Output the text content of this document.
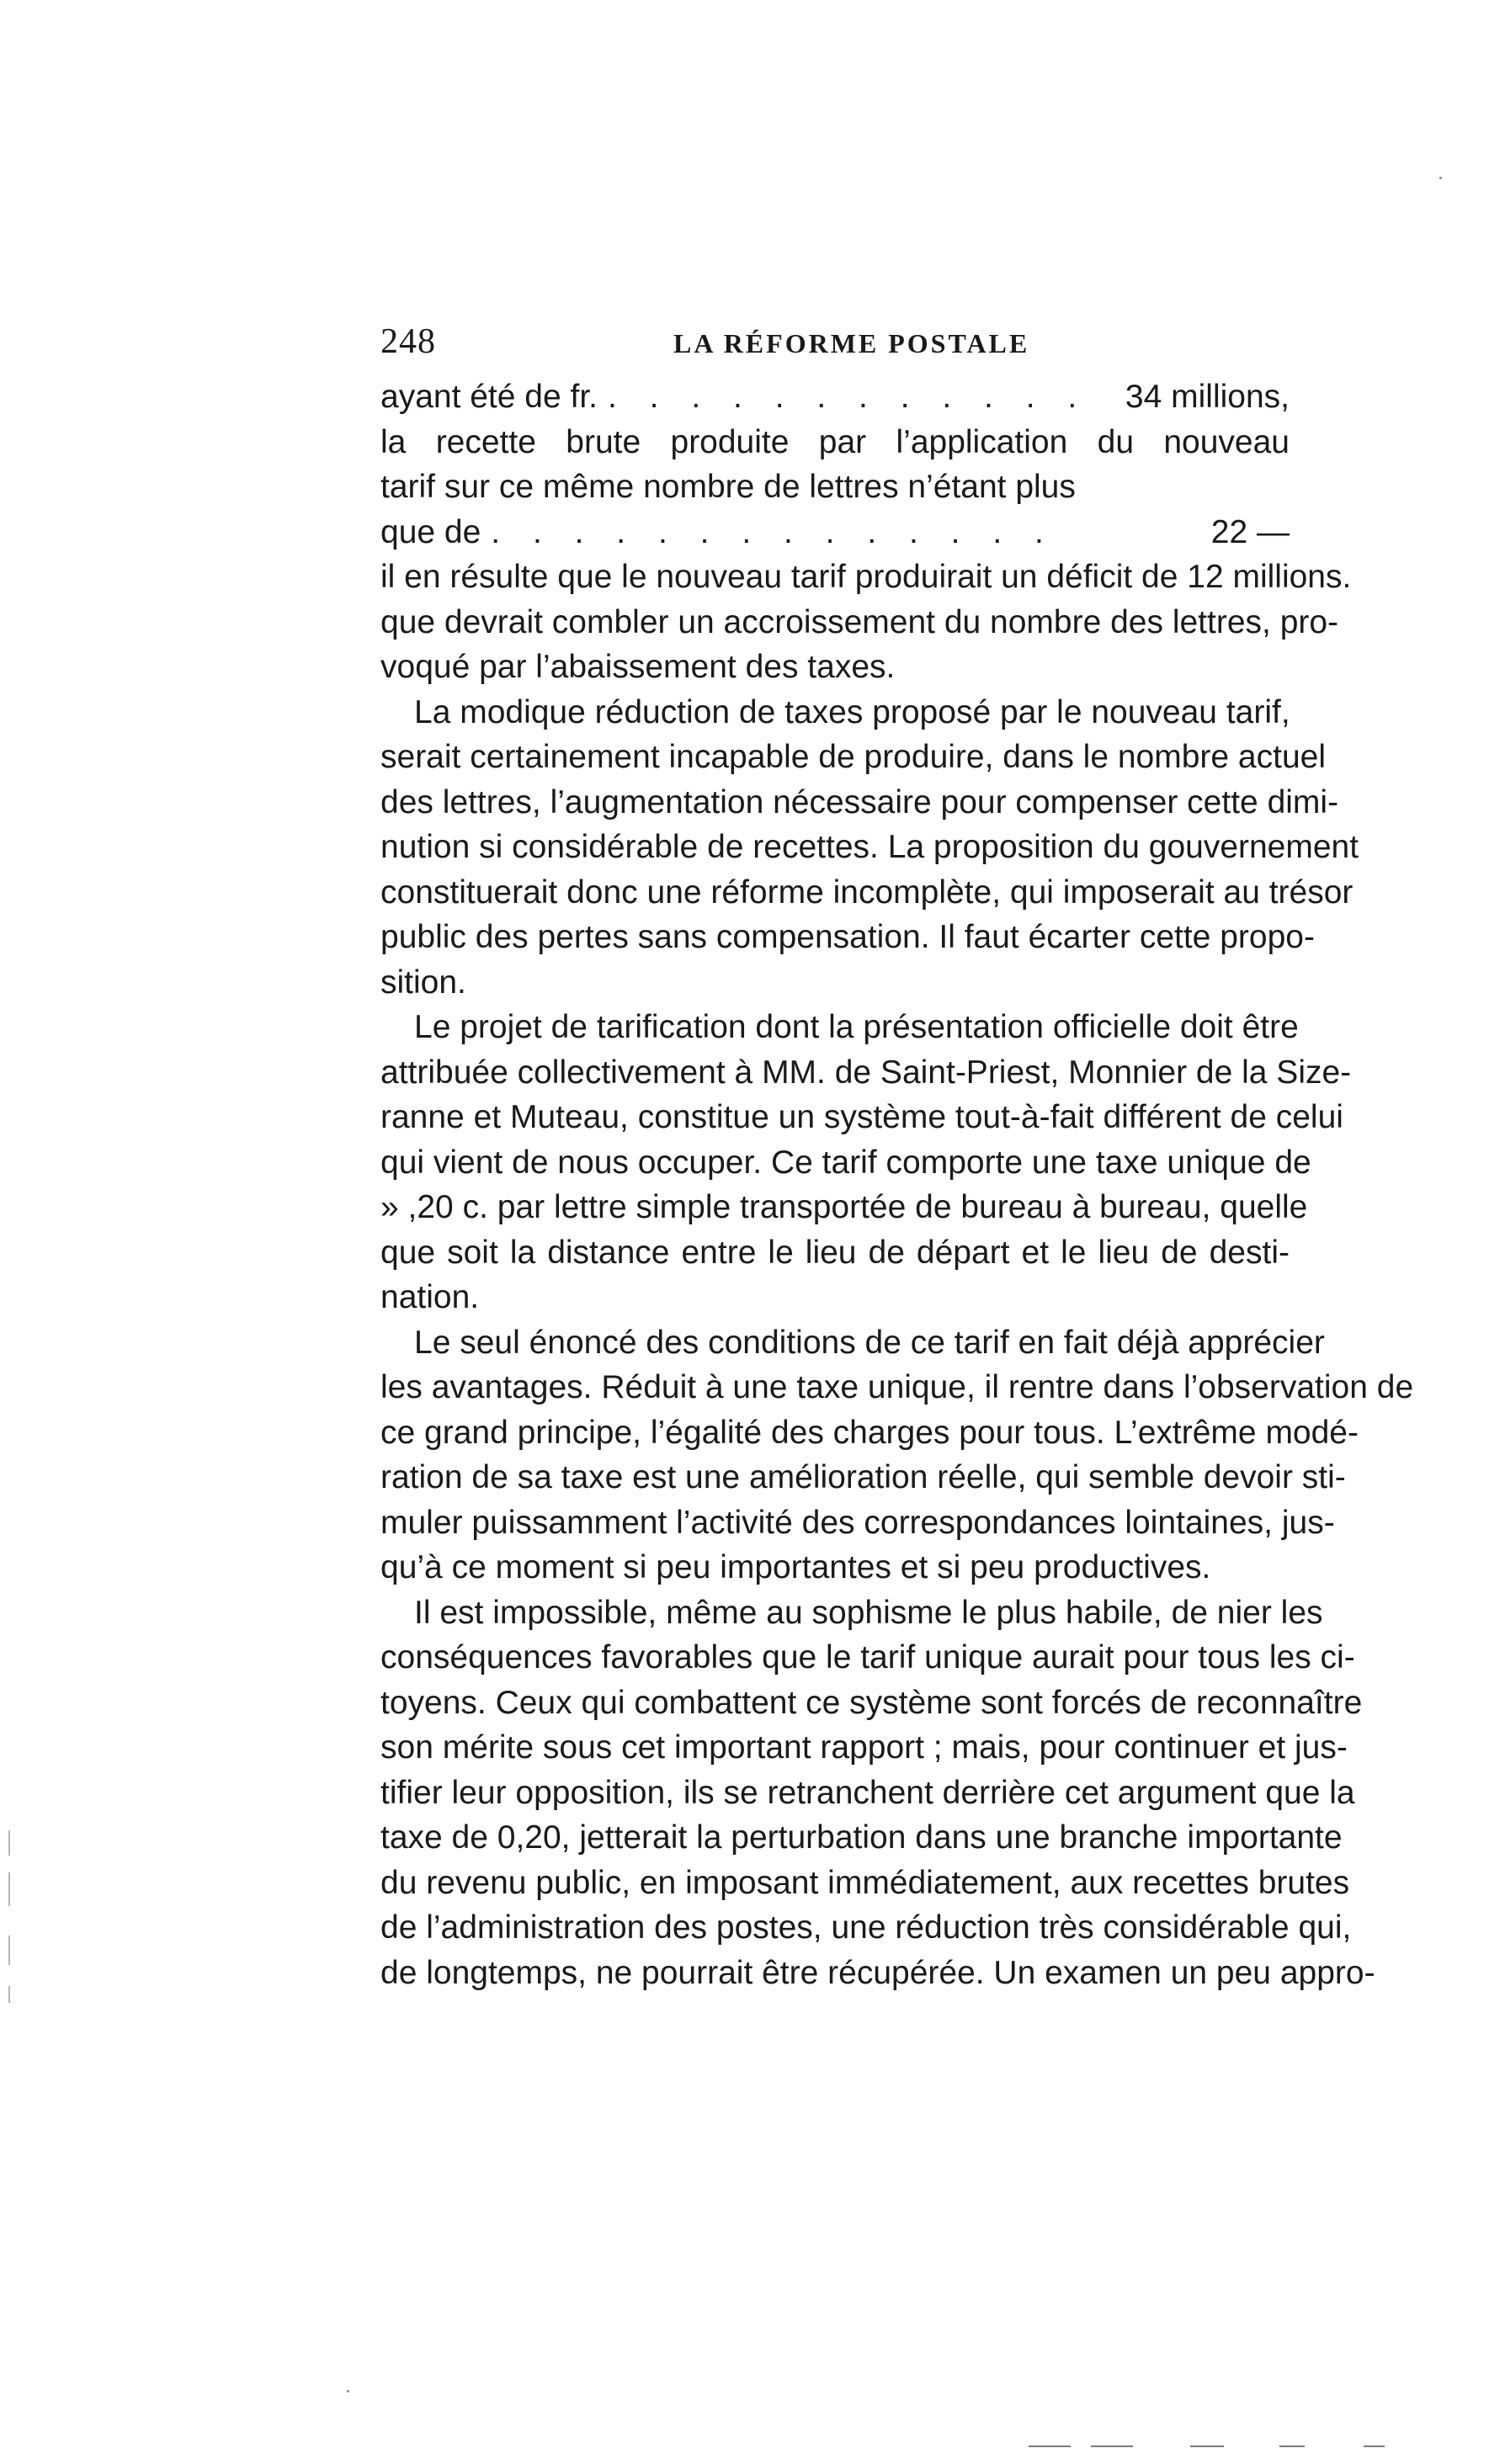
248	LA RÉFORME POSTALE
ayant été de fr. . . . . . . . . . . . .	34 millions,
la recette brute produite par l’application du nouveau
tarif sur ce même nombre de lettres n’étant plus
que de . . . . . . . . . . . . . .	22 —
il en résulte que le nouveau tarif produirait un déficit de 12 millions.
que devrait combler un accroissement du nombre des lettres, pro-
voqué par l’abaissement des taxes.
La modique réduction de taxes proposé par le nouveau tarif,
serait certainement incapable de produire, dans le nombre actuel
des lettres, l’augmentation nécessaire pour compenser cette dimi-
nution si considérable de recettes. La proposition du gouvernement
constituerait donc une réforme incomplète, qui imposerait au trésor
public des pertes sans compensation. Il faut écarter cette propo-
sition.
Le projet de tarification dont la présentation officielle doit être
attribuée collectivement à MM. de Saint-Priest, Monnier de la Size-
ranne et Muteau, constitue un système tout-à-fait différent de celui
qui vient de nous occuper. Ce tarif comporte une taxe unique de
» ,20 c. par lettre simple transportée de bureau à bureau, quelle
que soit la distance entre le lieu de départ et le lieu de desti-
nation.
Le seul énoncé des conditions de ce tarif en fait déjà apprécier
les avantages. Réduit à une taxe unique, il rentre dans l’observation de
ce grand principe, l’égalité des charges pour tous. L’extrême modé-
ration de sa taxe est une amélioration réelle, qui semble devoir sti-
muler puissamment l’activité des correspondances lointaines, jus-
qu’à ce moment si peu importantes et si peu productives.
Il est impossible, même au sophisme le plus habile, de nier les
conséquences favorables que le tarif unique aurait pour tous les ci-
toyens. Ceux qui combattent ce système sont forcés de reconnaître
son mérite sous cet important rapport ; mais, pour continuer et jus-
tifier leur opposition, ils se retranchent derrière cet argument que la
taxe de 0,20, jetterait la perturbation dans une branche importante
du revenu public, en imposant immédiatement, aux recettes brutes
de l’administration des postes, une réduction très considérable qui,
de longtemps, ne pourrait être récupérée. Un examen un peu appro-
